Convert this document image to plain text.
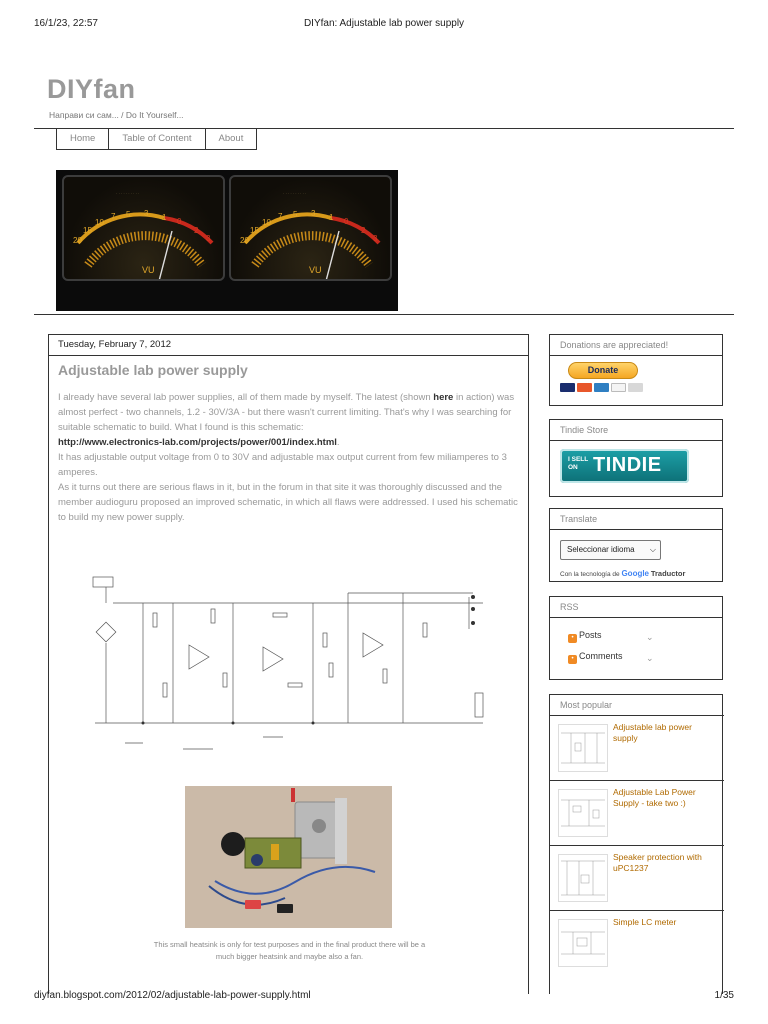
16/1/23, 22:57	DIYfan: Adjustable lab power supply
DIYfan
Направи си сам... / Do It Yourself...
Home	Table of Content	About
· · · · · · · · · ·
20
15
10
7 5 3 1 0
2
3
VU
· · · · · · · · · ·
20
15
10
7 5 3 1 0
2
3
VU
Tuesday, February 7, 2012
Adjustable lab power supply

I already have several lab power supplies, all of them made by myself. The latest (shown here in action) was almost perfect - two channels, 1.2 - 30V/3A - but there wasn't current limiting. That's why I was searching for suitable schematic to build. What I found is this schematic:
http://www.electronics-lab.com/projects/power/001/index.html.

It has adjustable output voltage from 0 to 30V and adjustable max output current from few miliamperes to 3 amperes.

As it turns out there are serious flaws in it, but in the forum in that site it was thoroughly discussed and the member audioguru proposed an improved schematic, in which all flaws were addressed. I used his schematic to build my new power supply.

This small heatsink is only for test purposes and in the final product there will be a much bigger heatsink and maybe also a fan.
Donations are appreciated!
Donate
Tindie Store
I SELL ON TINDIE
Translate
Seleccionar idioma ⌵
Con la tecnología de Google Traductor
RSS
• Posts	⌄
• Comments	⌄
Most popular
Adjustable lab power supply
Adjustable Lab Power Supply - take two :)
Speaker protection with uPC1237
Simple LC meter
diyfan.blogspot.com/2012/02/adjustable-lab-power-supply.html	1/35
